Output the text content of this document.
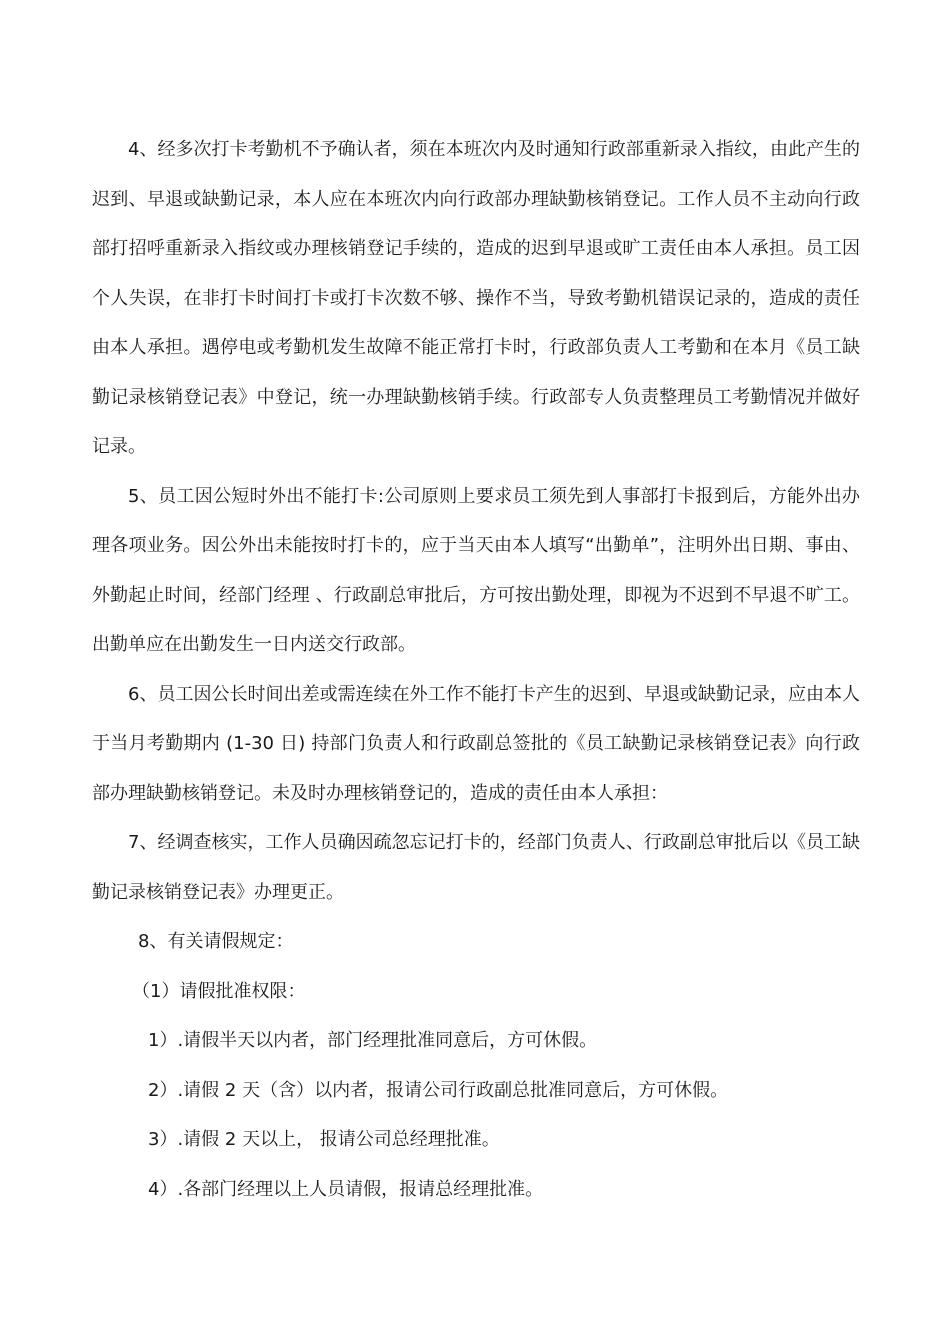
4、经多次打卡考勤机不予确认者，须在本班次内及时通知行政部重新录入指纹，由此产生的迟到、早退或缺勤记录，本人应在本班次内向行政部办理缺勤核销登记。工作人员不主动向行政部打招呼重新录入指纹或办理核销登记手续的，造成的迟到早退或旷工责任由本人承担。员工因个人失误，在非打卡时间打卡或打卡次数不够、操作不当，导致考勤机错误记录的，造成的责任由本人承担。遇停电或考勤机发生故障不能正常打卡时，行政部负责人工考勤和在本月《员工缺勤记录核销登记表》中登记，统一办理缺勤核销手续。行政部专人负责整理员工考勤情况并做好记录。

5、员工因公短时外出不能打卡:公司原则上要求员工须先到人事部打卡报到后，方能外出办理各项业务。因公外出未能按时打卡的，应于当天由本人填写“出勤单”，注明外出日期、事由、外勤起止时间，经部门经理 、行政副总审批后，方可按出勤处理，即视为不迟到不早退不旷工。出勤单应在出勤发生一日内送交行政部。

6、员工因公长时间出差或需连续在外工作不能打卡产生的迟到、早退或缺勤记录，应由本人于当月考勤期内 (1-30 日) 持部门负责人和行政副总签批的《员工缺勤记录核销登记表》向行政部办理缺勤核销登记。未及时办理核销登记的，造成的责任由本人承担：

7、经调查核实，工作人员确因疏忽忘记打卡的，经部门负责人、行政副总审批后以《员工缺勤记录核销登记表》办理更正。

8、有关请假规定：

（1）请假批准权限：

1）.请假半天以内者，部门经理批准同意后，方可休假。

2）.请假 2 天（含）以内者，报请公司行政副总批准同意后，方可休假。

3）.请假 2 天以上， 报请公司总经理批准。

4）.各部门经理以上人员请假，报请总经理批准。
